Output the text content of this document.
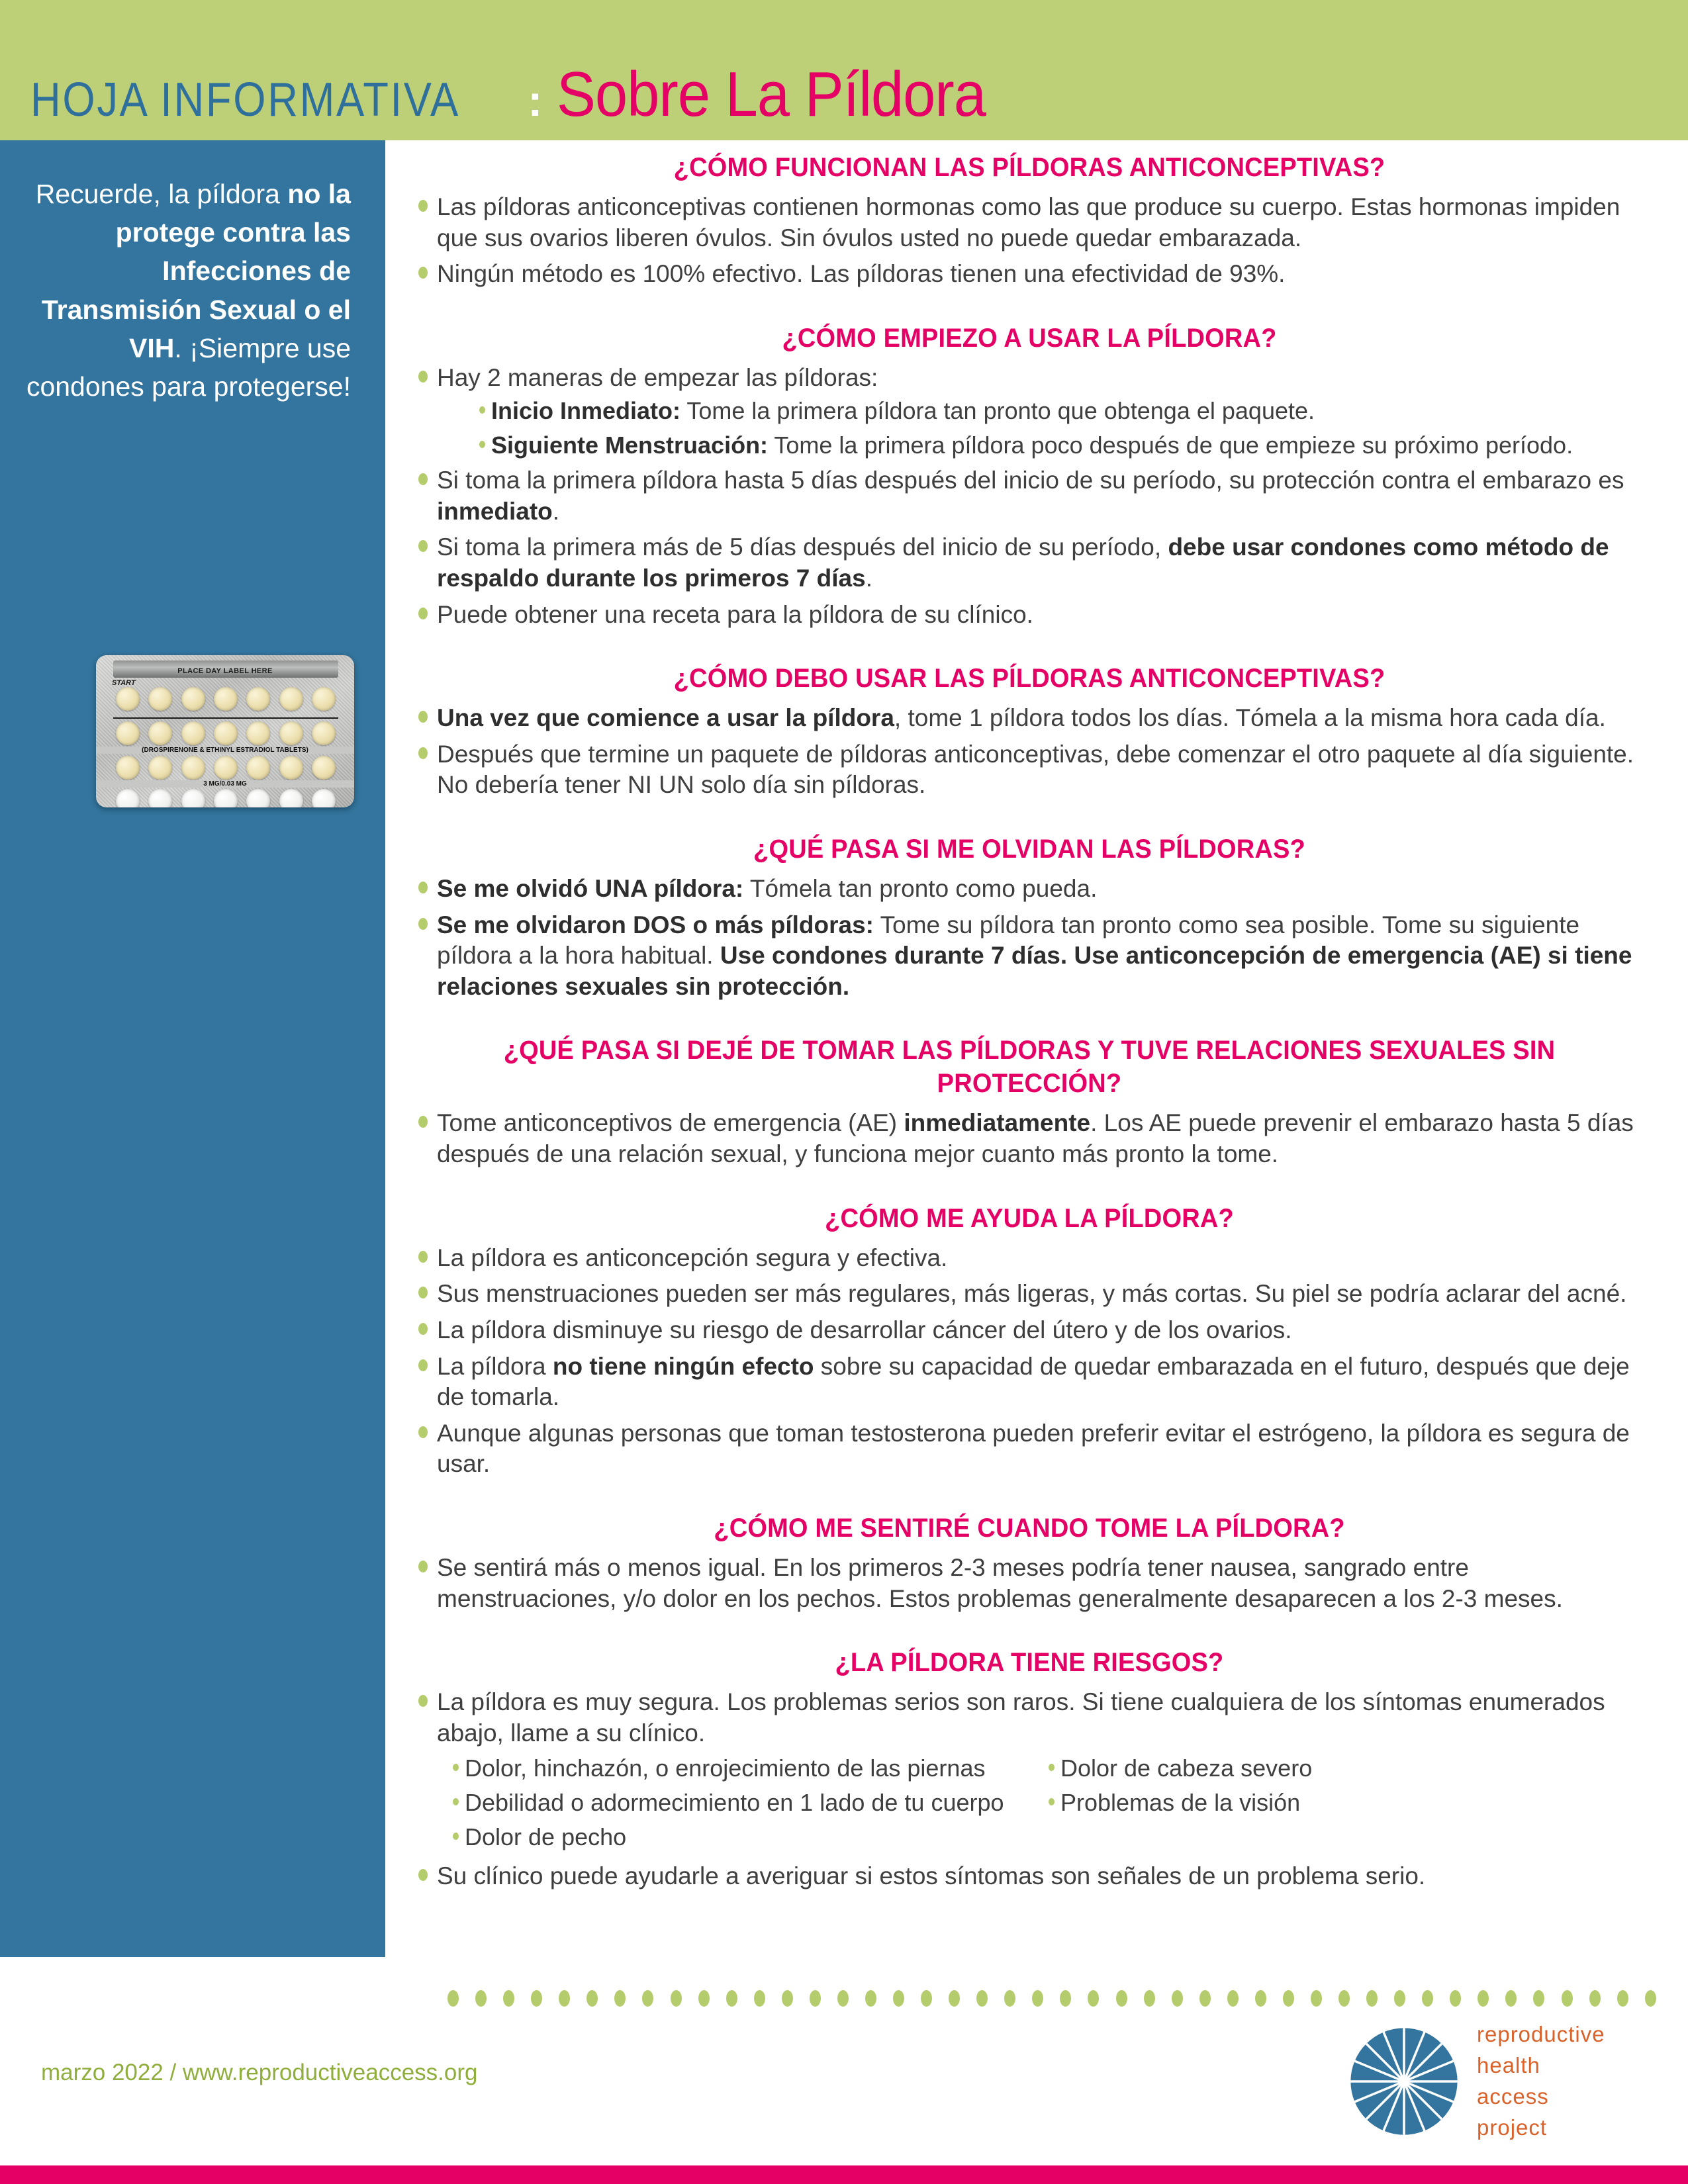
HOJA INFORMATIVA : Sobre La Píldora
Recuerde, la píldora no la protege contra las Infecciones de Transmisión Sexual o el VIH. ¡Siempre use condones para protegerse!
PLACE DAY LABEL HERE
START
(DROSPIRENONE & ETHINYL ESTRADIOL TABLETS)
3 MG/0.03 MG
¿CÓMO FUNCIONAN LAS PÍLDORAS ANTICONCEPTIVAS?
Las píldoras anticonceptivas contienen hormonas como las que produce su cuerpo. Estas hormonas impiden que sus ovarios liberen óvulos. Sin óvulos usted no puede quedar embarazada.
Ningún método es 100% efectivo. Las píldoras tienen una efectividad de 93%.
¿CÓMO EMPIEZO A USAR LA PÍLDORA?
Hay 2 maneras de empezar las píldoras:
Inicio Inmediato: Tome la primera píldora tan pronto que obtenga el paquete.
Siguiente Menstruación: Tome la primera píldora poco después de que empieze su próximo período.
Si toma la primera píldora hasta 5 días después del inicio de su período, su protección contra el embarazo es inmediato.
Si toma la primera más de 5 días después del inicio de su período, debe usar condones como método de respaldo durante los primeros 7 días.
Puede obtener una receta para la píldora de su clínico.
¿CÓMO DEBO USAR LAS PÍLDORAS ANTICONCEPTIVAS?
Una vez que comience a usar la píldora, tome 1 píldora todos los días. Tómela a la misma hora cada día.
Después que termine un paquete de píldoras anticonceptivas, debe comenzar el otro paquete al día siguiente. No debería tener NI UN solo día sin píldoras.
¿QUÉ PASA SI ME OLVIDAN LAS PÍLDORAS?
Se me olvidó UNA píldora: Tómela tan pronto como pueda.
Se me olvidaron DOS o más píldoras: Tome su píldora tan pronto como sea posible. Tome su siguiente píldora a la hora habitual. Use condones durante 7 días. Use anticoncepción de emergencia (AE) si tiene relaciones sexuales sin protección.
¿QUÉ PASA SI DEJÉ DE TOMAR LAS PÍLDORAS Y TUVE RELACIONES SEXUALES SIN PROTECCIÓN?
Tome anticonceptivos de emergencia (AE) inmediatamente. Los AE puede prevenir el embarazo hasta 5 días después de una relación sexual, y funciona mejor cuanto más pronto la tome.
¿CÓMO ME AYUDA LA PÍLDORA?
La píldora es anticoncepción segura y efectiva.
Sus menstruaciones pueden ser más regulares, más ligeras, y más cortas. Su piel se podría aclarar del acné.
La píldora disminuye su riesgo de desarrollar cáncer del útero y de los ovarios.
La píldora no tiene ningún efecto sobre su capacidad de quedar embarazada en el futuro, después que deje de tomarla.
Aunque algunas personas que toman testosterona pueden preferir evitar el estrógeno, la píldora es segura de usar.
¿CÓMO ME SENTIRÉ CUANDO TOME LA PÍLDORA?
Se sentirá más o menos igual. En los primeros 2-3 meses podría tener nausea, sangrado entre menstruaciones, y/o dolor en los pechos. Estos problemas generalmente desaparecen a los 2-3 meses.
¿LA PÍLDORA TIENE RIESGOS?
La píldora es muy segura. Los problemas serios son raros. Si tiene cualquiera de los síntomas enumerados abajo, llame a su clínico.
Dolor, hinchazón, o enrojecimiento de las piernas
Debilidad o adormecimiento en 1 lado de tu cuerpo
Dolor de pecho
Dolor de cabeza severo
Problemas de la visión
Su clínico puede ayudarle a averiguar si estos síntomas son señales de un problema serio.
marzo 2022 / www.reproductiveaccess.org
reproductive
health
access
project
